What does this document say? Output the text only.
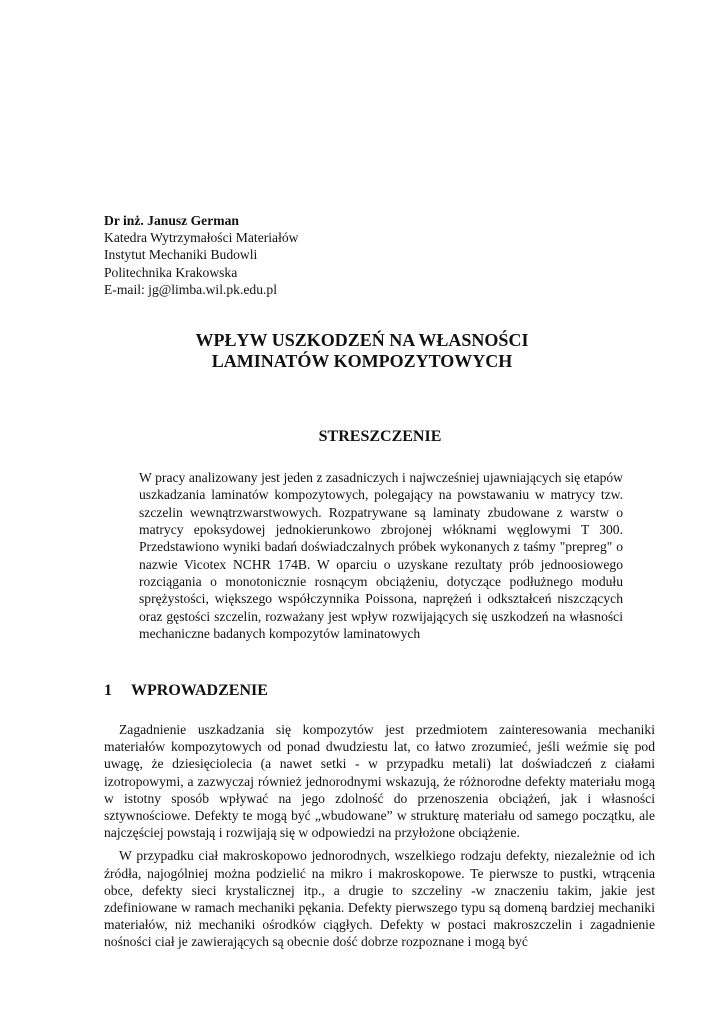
Dr inż. Janusz German
Katedra Wytrzymałości Materiałów
Instytut Mechaniki Budowli
Politechnika Krakowska
E-mail: jg@limba.wil.pk.edu.pl
WPŁYW USZKODZEŃ NA WŁASNOŚCI
LAMINATÓW KOMPOZYTOWYCH
STRESZCZENIE

W pracy analizowany jest jeden z zasadniczych i najwcześniej ujawniających się etapów uszkadzania laminatów kompozytowych, polegający na powstawaniu w matrycy tzw. szczelin wewnątrzwarstwowych. Rozpatrywane są laminaty zbudowane z warstw o matrycy epoksydowej jednokierunkowo zbrojonej włóknami węglowymi T 300. Przedstawiono wyniki badań doświadczalnych próbek wykonanych z taśmy "prepreg" o nazwie Vicotex NCHR 174B. W oparciu o uzyskane rezultaty prób jednoosiowego rozciągania o monotonicznie rosnącym obciążeniu, dotyczące podłużnego modułu sprężystości, większego współczynnika Poissona, naprężeń i odkształceń niszczących oraz gęstości szczelin, rozważany jest wpływ rozwijających się uszkodzeń na własności mechaniczne badanych kompozytów laminatowych

1 WPROWADZENIE

Zagadnienie uszkadzania się kompozytów jest przedmiotem zainteresowania mechaniki materiałów kompozytowych od ponad dwudziestu lat, co łatwo zrozumieć, jeśli weźmie się pod uwagę, że dziesięciolecia (a nawet setki - w przypadku metali) lat doświadczeń z ciałami izotropowymi, a zazwyczaj również jednorodnymi wskazują, że różnorodne defekty materiału mogą w istotny sposób wpływać na jego zdolność do przenoszenia obciążeń, jak i własności sztywnościowe. Defekty te mogą być „wbudowane” w strukturę materiału od samego początku, ale najczęściej powstają i rozwijają się w odpowiedzi na przyłożone obciążenie.

W przypadku ciał makroskopowo jednorodnych, wszelkiego rodzaju defekty, niezależnie od ich źródła, najogólniej można podzielić na mikro i makroskopowe. Te pierwsze to pustki, wtrącenia obce, defekty sieci krystalicznej itp., a drugie to szczeliny -w znaczeniu takim, jakie jest zdefiniowane w ramach mechaniki pękania. Defekty pierwszego typu są domeną bardziej mechaniki materiałów, niż mechaniki ośrodków ciągłych. Defekty w postaci makroszczelin i zagadnienie nośności ciał je zawierających są obecnie dość dobrze rozpoznane i mogą być
